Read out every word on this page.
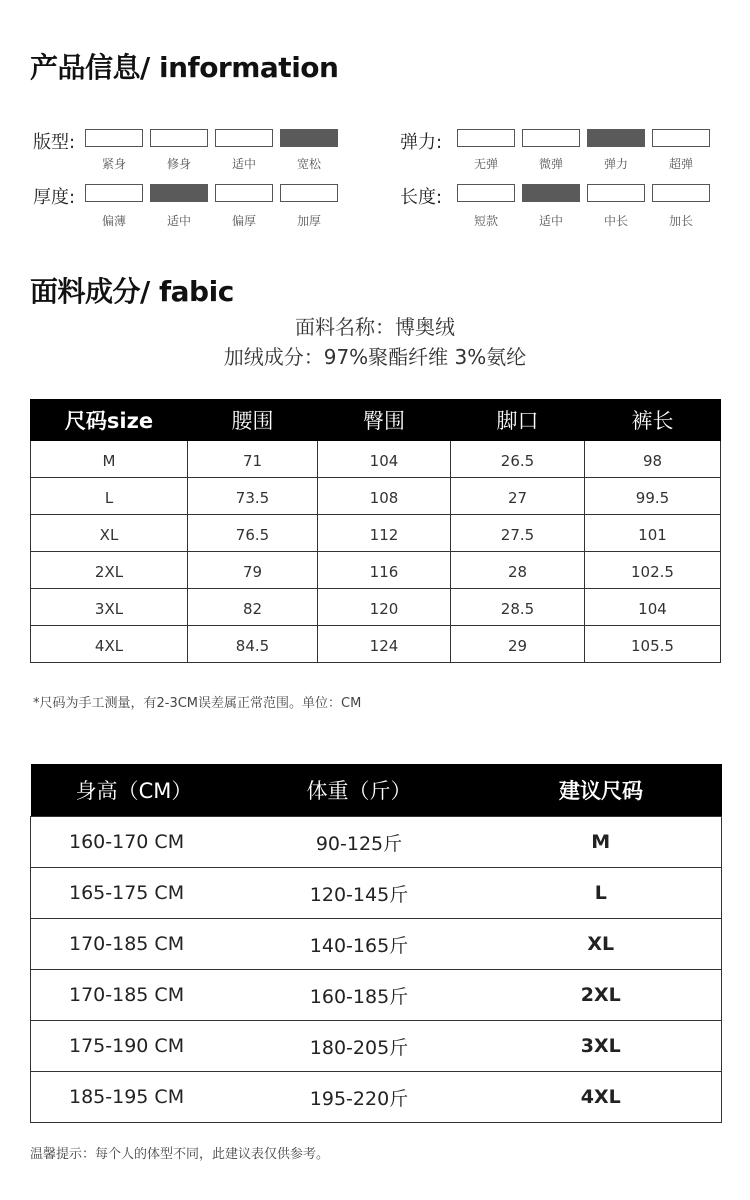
产品信息/ information
版型:
紧身	修身	适中	宽松
弹力:
无弹	微弹	弹力	超弹
厚度:
偏薄	适中	偏厚	加厚
长度:
短款	适中	中长	加长
面料成分/ fabic
面料名称：博奥绒
加绒成分：97%聚酯纤维 3%氨纶
尺码size	腰围	臀围	脚口	裤长
M	71	104	26.5	98
L	73.5	108	27	99.5
XL	76.5	112	27.5	101
2XL	79	116	28	102.5
3XL	82	120	28.5	104
4XL	84.5	124	29	105.5
*尺码为手工测量，有2-3CM误差属正常范围。单位：CM
身高（CM）	体重（斤）	建议尺码
160-170 CM	90-125斤	M
165-175 CM	120-145斤	L
170-185 CM	140-165斤	XL
170-185 CM	160-185斤	2XL
175-190 CM	180-205斤	3XL
185-195 CM	195-220斤	4XL
温馨提示：每个人的体型不同，此建议表仅供参考。
